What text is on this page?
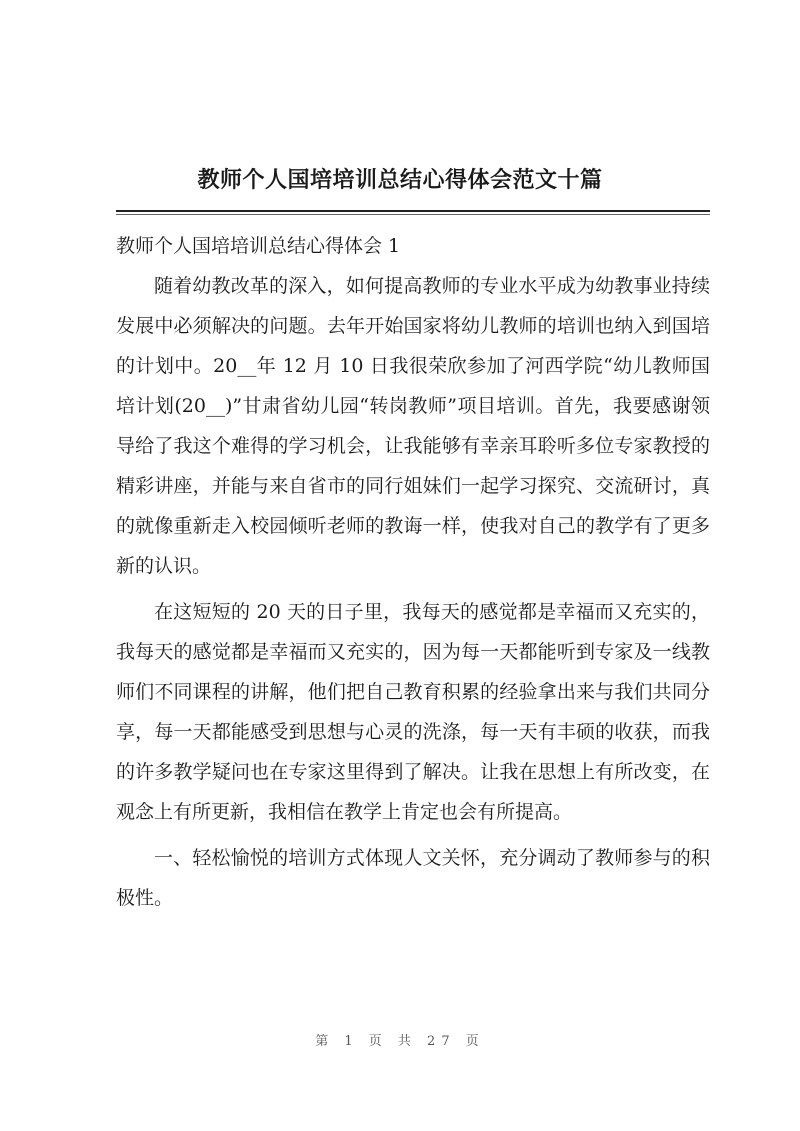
教师个人国培培训总结心得体会范文十篇

教师个人国培培训总结心得体会 1

随着幼教改革的深入，如何提高教师的专业水平成为幼教事业持续发展中必须解决的问题。去年开始国家将幼儿教师的培训也纳入到国培的计划中。20__年 12 月 10 日我很荣欣参加了河西学院“幼儿教师国培计划(20__)”甘肃省幼儿园“转岗教师”项目培训。首先，我要感谢领导给了我这个难得的学习机会，让我能够有幸亲耳聆听多位专家教授的精彩讲座，并能与来自省市的同行姐妹们一起学习探究、交流研讨，真的就像重新走入校园倾听老师的教诲一样，使我对自己的教学有了更多新的认识。

在这短短的 20 天的日子里，我每天的感觉都是幸福而又充实的，我每天的感觉都是幸福而又充实的，因为每一天都能听到专家及一线教师们不同课程的讲解，他们把自己教育积累的经验拿出来与我们共同分享，每一天都能感受到思想与心灵的洗涤，每一天有丰硕的收获，而我的许多教学疑问也在专家这里得到了解决。让我在思想上有所改变，在观念上有所更新，我相信在教学上肯定也会有所提高。

一、轻松愉悦的培训方式体现人文关怀，充分调动了教师参与的积极性。

第 1 页 共 27 页
